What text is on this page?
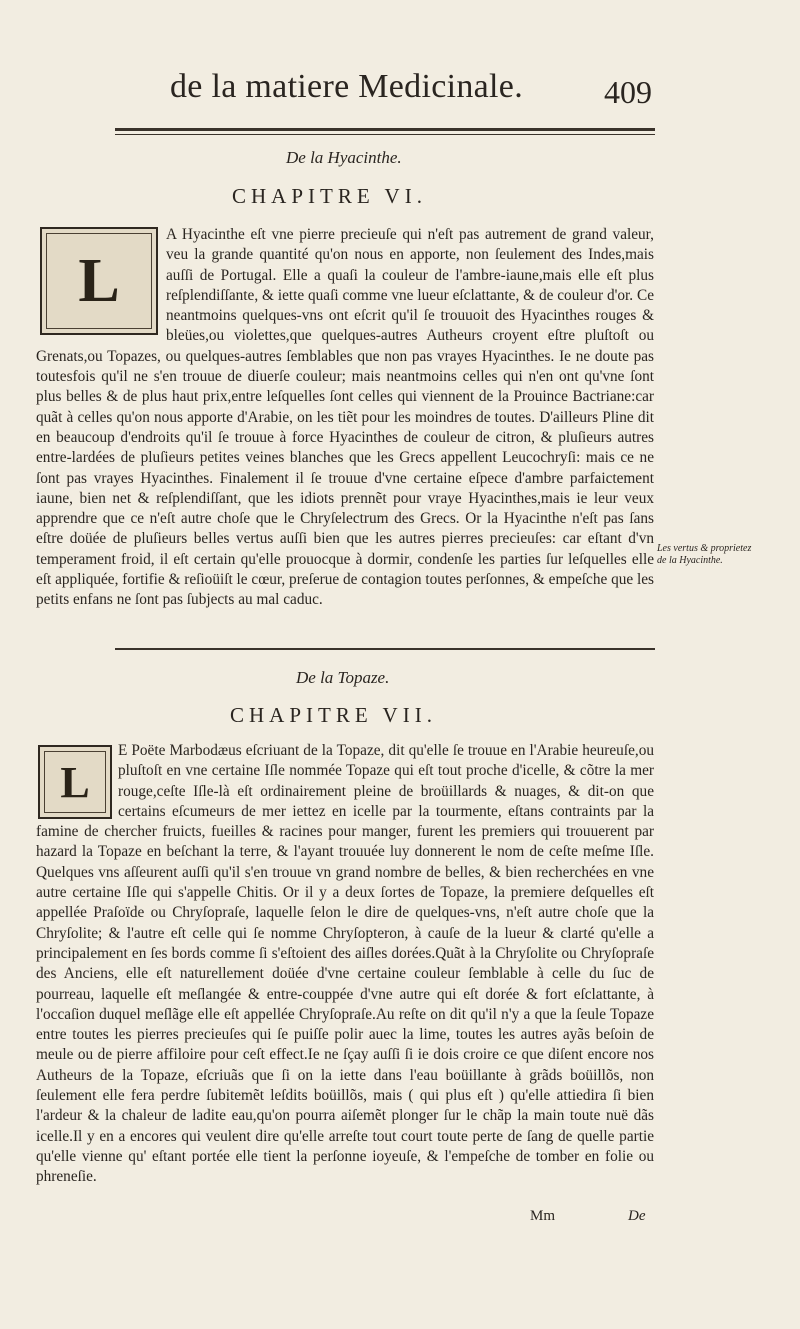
de la matiere Medicinale.	409
De la Hyacinthe.
CHAPITRE VI.
A Hyacinthe eſt vne pierre precieuſe qui n'eſt pas autrement de grand valeur, veu la grande quantité qu'on nous en apporte, non ſeulement des Indes,mais auſſi de Portugal. Elle a quaſi la couleur de l'ambre-iaune,mais elle eſt plus reſplendiſſante, & iette quaſi comme vne lueur eſclattante, & de couleur d'or. Ce neantmoins quelques-vns ont eſcrit qu'il ſe trouuoit des Hyacinthes rouges & bleües,ou violettes,que quelques-autres Autheurs croyent eſtre pluſtoſt ou Grenats,ou Topazes, ou quelques-autres ſemblables que non pas vrayes Hyacinthes. Ie ne doute pas toutesfois qu'il ne s'en trouue de diuerſe couleur; mais neantmoins celles qui n'en ont qu'vne ſont plus belles & de plus haut prix,entre leſquelles ſont celles qui viennent de la Prouince Bactriane:car quãt à celles qu'on nous apporte d'Arabie, on les tiẽt pour les moindres de toutes. D'ailleurs Pline dit en beaucoup d'endroits qu'il ſe trouue à force Hyacinthes de couleur de citron, & pluſieurs autres entre-lardées de pluſieurs petites veines blanches que les Grecs appellent Leucochryſi: mais ce ne ſont pas vrayes Hyacinthes. Finalement il ſe trouue d'vne certaine eſpece d'ambre parfaictement iaune, bien net & reſplendiſſant, que les idiots prennẽt pour vraye Hyacinthes,mais ie leur veux apprendre que ce n'eſt autre choſe que le Chryſelectrum des Grecs. Or la Hyacinthe n'eſt pas ſans eſtre doüée de pluſieurs belles vertus auſſi bien que les autres pierres precieuſes: car eſtant d'vn temperament froid, il eſt certain qu'elle prouocque à dormir, condenſe les parties ſur leſquelles elle eſt appliquée, fortifie & reſioüiſt le cœur, preſerue de contagion toutes perſonnes, & empeſche que les petits enfans ne ſont pas ſubjects au mal caduc.
L
Les vertus & proprietez de la Hyacinthe.
De la Topaze.
CHAPITRE VII.
E Poëte Marbodæus eſcriuant de la Topaze, dit qu'elle ſe trouue en l'Arabie heureuſe,ou pluſtoſt en vne certaine Iſle nommée Topaze qui eſt tout proche d'icelle, & cõtre la mer rouge,ceſte Iſle-là eſt ordinairement pleine de broüillards & nuages, & dit-on que certains eſcumeurs de mer iettez en icelle par la tourmente, eſtans contraints par la famine de chercher fruicts, fueilles & racines pour manger, furent les premiers qui trouuerent par hazard la Topaze en beſchant la terre, & l'ayant trouuée luy donnerent le nom de ceſte meſme Iſle. Quelques vns aſſeurent auſſi qu'il s'en trouue vn grand nombre de belles, & bien recherchées en vne autre certaine Iſle qui s'appelle Chitis. Or il y a deux ſortes de Topaze, la premiere deſquelles eſt appellée Praſoïde ou Chryſopraſe, laquelle ſelon le dire de quelques-vns, n'eſt autre choſe que la Chryſolite; & l'autre eſt celle qui ſe nomme Chryſopteron, à cauſe de la lueur & clarté qu'elle a principalement en ſes bords comme ſi s'eſtoient des aiſles dorées.Quãt à la Chryſolite ou Chryſopraſe des Anciens, elle eſt naturellement doüée d'vne certaine couleur ſemblable à celle du ſuc de pourreau, laquelle eſt meſlangée & entre-couppée d'vne autre qui eſt dorée & fort eſclattante, à l'occaſion duquel meſlãge elle eſt appellée Chryſopraſe.Au reſte on dit qu'il n'y a que la ſeule Topaze entre toutes les pierres precieuſes qui ſe puiſſe polir auec la lime, toutes les autres ayãs beſoin de meule ou de pierre affiloire pour ceſt effect.Ie ne ſçay auſſi ſi ie dois croire ce que diſent encore nos Autheurs de la Topaze, eſcriuãs que ſi on la iette dans l'eau boüillante à grãds boüillõs, non ſeulement elle fera perdre ſubitemẽt leſdits boüillõs, mais ( qui plus eſt ) qu'elle attiedira ſi bien l'ardeur & la chaleur de ladite eau,qu'on pourra aiſemẽt plonger ſur le chãp la main toute nuë dãs icelle.Il y en a encores qui veulent dire qu'elle arreſte tout court toute perte de ſang de quelle partie qu'elle vienne qu' eſtant portée elle tient la perſonne ioyeuſe, & l'empeſche de tomber en folie ou phreneſie.
L
Mm	De
